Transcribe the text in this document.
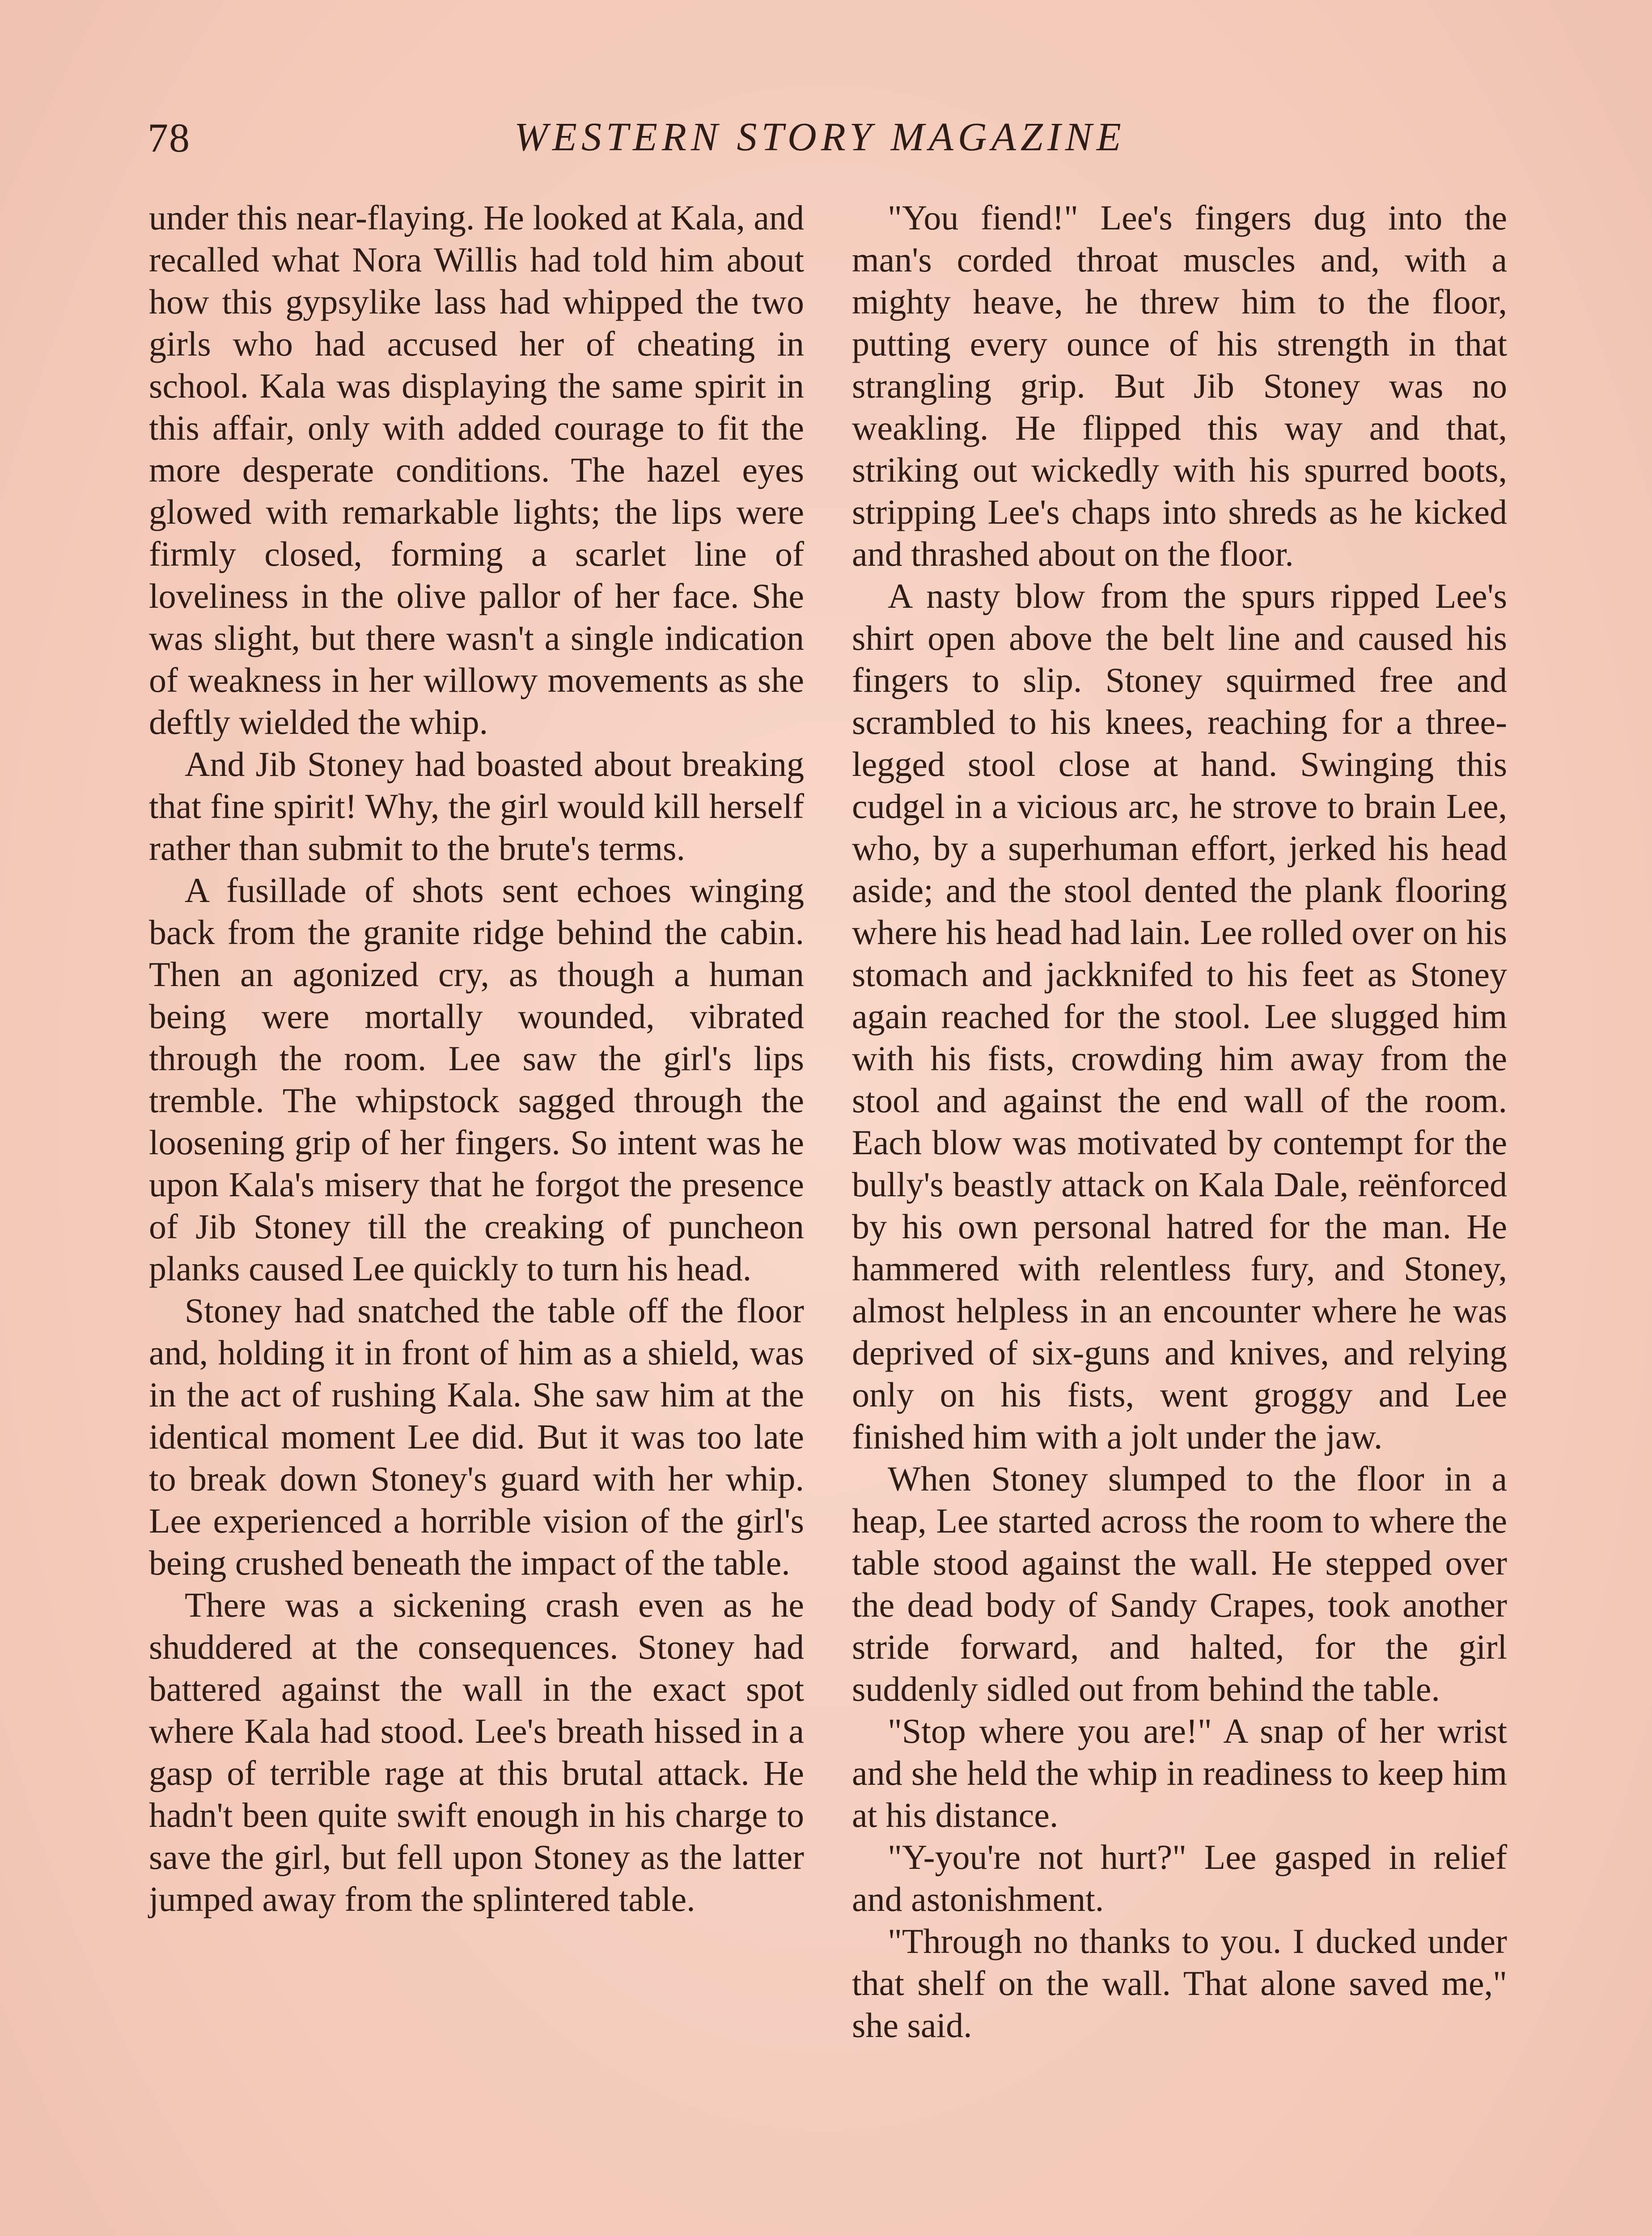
78	WESTERN STORY MAGAZINE

under this near-flaying. He looked at Kala, and recalled what Nora Willis had told him about how this gypsylike lass had whipped the two girls who had accused her of cheating in school. Kala was displaying the same spirit in this affair, only with added courage to fit the more desperate conditions. The hazel eyes glowed with remarkable lights; the lips were firmly closed, forming a scarlet line of loveliness in the olive pallor of her face. She was slight, but there wasn't a single indication of weakness in her willowy movements as she deftly wielded the whip.

And Jib Stoney had boasted about breaking that fine spirit! Why, the girl would kill herself rather than submit to the brute's terms.

A fusillade of shots sent echoes winging back from the granite ridge behind the cabin. Then an agonized cry, as though a human being were mortally wounded, vibrated through the room. Lee saw the girl's lips tremble. The whipstock sagged through the loosening grip of her fingers. So intent was he upon Kala's misery that he forgot the presence of Jib Stoney till the creaking of puncheon planks caused Lee quickly to turn his head.

Stoney had snatched the table off the floor and, holding it in front of him as a shield, was in the act of rushing Kala. She saw him at the identical moment Lee did. But it was too late to break down Stoney's guard with her whip. Lee experienced a horrible vision of the girl's being crushed beneath the impact of the table.

There was a sickening crash even as he shuddered at the consequences. Stoney had battered against the wall in the exact spot where Kala had stood. Lee's breath hissed in a gasp of terrible rage at this brutal attack. He hadn't been quite swift enough in his charge to save the girl, but fell upon Stoney as the latter jumped away from the splintered table.

"You fiend!" Lee's fingers dug into the man's corded throat muscles and, with a mighty heave, he threw him to the floor, putting every ounce of his strength in that strangling grip. But Jib Stoney was no weakling. He flipped this way and that, striking out wickedly with his spurred boots, stripping Lee's chaps into shreds as he kicked and thrashed about on the floor.

A nasty blow from the spurs ripped Lee's shirt open above the belt line and caused his fingers to slip. Stoney squirmed free and scrambled to his knees, reaching for a three-legged stool close at hand. Swinging this cudgel in a vicious arc, he strove to brain Lee, who, by a superhuman effort, jerked his head aside; and the stool dented the plank flooring where his head had lain. Lee rolled over on his stomach and jackknifed to his feet as Stoney again reached for the stool. Lee slugged him with his fists, crowding him away from the stool and against the end wall of the room. Each blow was motivated by contempt for the bully's beastly attack on Kala Dale, reënforced by his own personal hatred for the man. He hammered with relentless fury, and Stoney, almost helpless in an encounter where he was deprived of six-guns and knives, and relying only on his fists, went groggy and Lee finished him with a jolt under the jaw.

When Stoney slumped to the floor in a heap, Lee started across the room to where the table stood against the wall. He stepped over the dead body of Sandy Crapes, took another stride forward, and halted, for the girl suddenly sidled out from behind the table.

"Stop where you are!" A snap of her wrist and she held the whip in readiness to keep him at his distance.

"Y-you're not hurt?" Lee gasped in relief and astonishment.

"Through no thanks to you. I ducked under that shelf on the wall. That alone saved me," she said.
